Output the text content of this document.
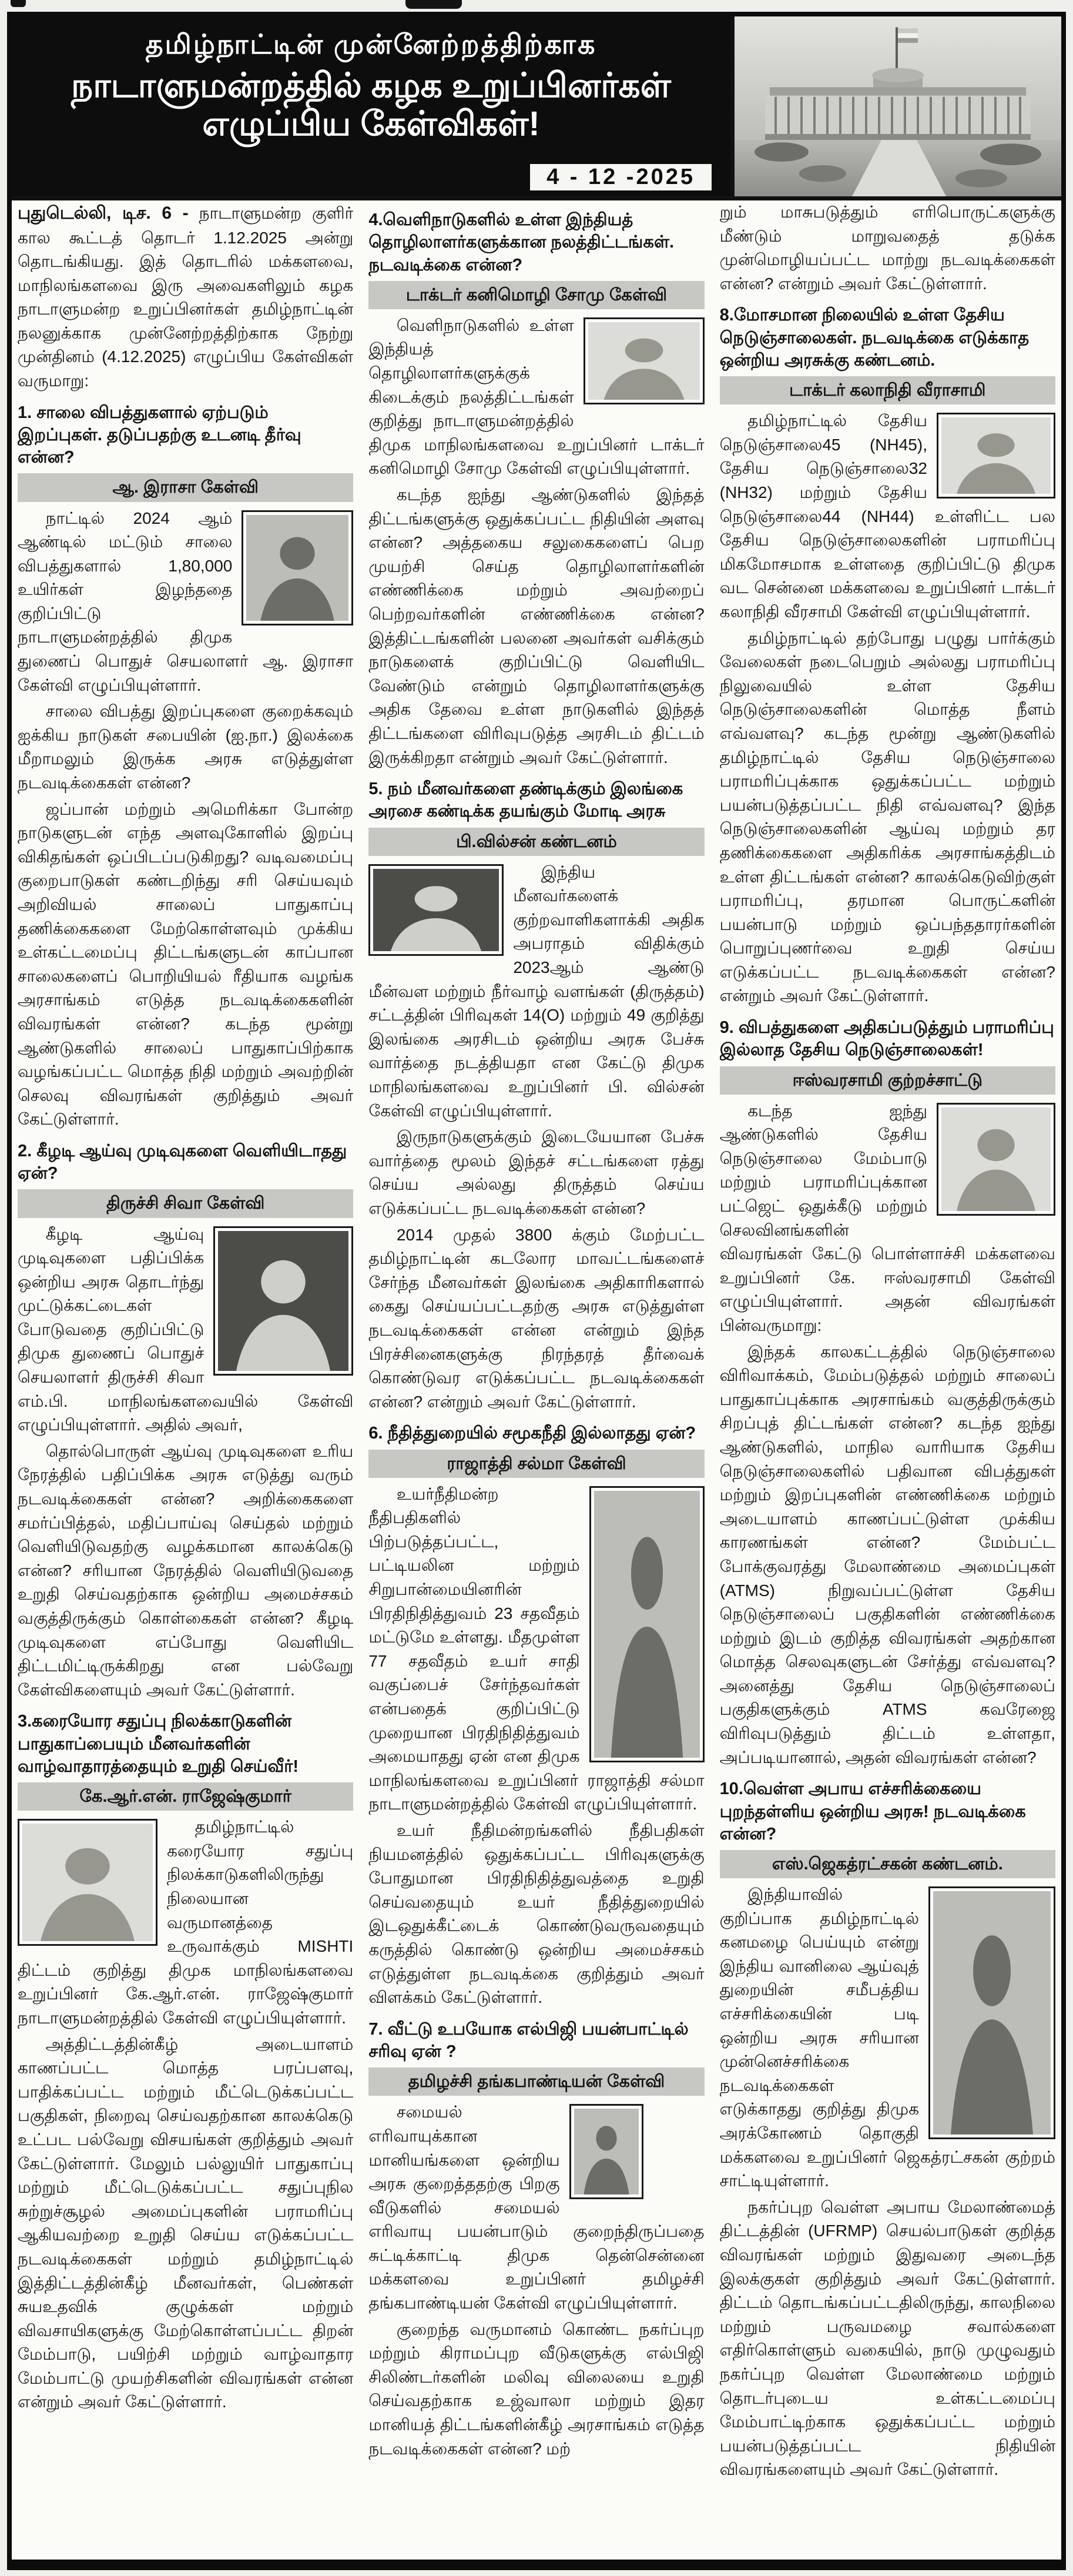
தமிழ்நாட்டின் முன்னேற்றத்திற்காக
நாடாளுமன்றத்தில் கழக உறுப்பினர்கள் எழுப்பிய கேள்விகள்!
4 - 12 -2025

புதுடெல்லி, டிச. 6 - நாடாளுமன்ற குளிர் கால கூட்டத் தொடர் 1.12.2025 அன்று தொடங்கியது. இத் தொடரில் மக்களவை, மாநிலங்களவை இரு அவைகளிலும் கழக நாடாளுமன்ற உறுப்பினர்கள் தமிழ்நாட்டின் நலனுக்காக முன்னேற்றத்திற்காக நேற்று முன்தினம் (4.12.2025) எழுப்பிய கேள்விகள் வருமாறு:

1. சாலை விபத்துகளால் ஏற்படும் இறப்புகள். தடுப்பதற்கு உடனடி தீர்வு என்ன?
ஆ. இராசா கேள்வி

நாட்டில் 2024 ஆம் ஆண்டில் மட்டும் சாலை விபத்துகளால் 1,80,000 உயிர்கள் இழந்ததை குறிப்பிட்டு நாடாளுமன்றத்தில் திமுக துணைப் பொதுச் செயலாளர் ஆ. இராசா கேள்வி எழுப்பியுள்ளார்.

சாலை விபத்து இறப்புகளை குறைக்கவும் ஐக்கிய நாடுகள் சபையின் (ஐ.நா.) இலக்கை மீறாமலும் இருக்க அரசு எடுத்துள்ள நடவடிக்கைகள் என்ன?

ஜப்பான் மற்றும் அமெரிக்கா போன்ற நாடுகளுடன் எந்த அளவுகோளில் இறப்பு விகிதங்கள் ஒப்பிடப்படுகிறது? வடிவமைப்பு குறைபாடுகள் கண்டறிந்து சரி செய்யவும் அறிவியல் சாலைப் பாதுகாப்பு தணிக்கைகளை மேற்கொள்ளவும் முக்கிய உள்கட்டமைப்பு திட்டங்களுடன் காப்பான சாலைகளைப் பொறியியல் ரீதியாக வழங்க அரசாங்கம் எடுத்த நடவடிக்கைகளின் விவரங்கள் என்ன? கடந்த மூன்று ஆண்டுகளில் சாலைப் பாதுகாப்பிற்காக வழங்கப்பட்ட மொத்த நிதி மற்றும் அவற்றின் செலவு விவரங்கள் குறித்தும் அவர் கேட்டுள்ளார்.

2. கீழடி ஆய்வு முடிவுகளை வெளியிடாதது ஏன்?
திருச்சி சிவா கேள்வி

கீழடி ஆய்வு முடிவுகளை பதிப்பிக்க ஒன்றிய அரசு தொடர்ந்து முட்டுக்கட்டைகள் போடுவதை குறிப்பிட்டு திமுக துணைப் பொதுச் செயலாளர் திருச்சி சிவா எம்.பி. மாநிலங்களவையில் கேள்வி எழுப்பியுள்ளார். அதில் அவர்,

தொல்பொருள் ஆய்வு முடிவுகளை உரிய நேரத்தில் பதிப்பிக்க அரசு எடுத்து வரும் நடவடிக்கைகள் என்ன? அறிக்கைகளை சமர்ப்பித்தல், மதிப்பாய்வு செய்தல் மற்றும் வெளியிடுவதற்கு வழக்கமான காலக்கெடு என்ன? சரியான நேரத்தில் வெளியிடுவதை உறுதி செய்வதற்காக ஒன்றிய அமைச்சகம் வகுத்திருக்கும் கொள்கைகள் என்ன? கீழடி முடிவுகளை எப்போது வெளியிட திட்டமிட்டிருக்கிறது என பல்வேறு கேள்விகளையும் அவர் கேட்டுள்ளார்.

3.கரையோர சதுப்பு நிலக்காடுகளின் பாதுகாப்பையும் மீனவர்களின் வாழ்வாதாரத்தையும் உறுதி செய்வீர்!
கே.ஆர்.என். ராஜேஷ்குமார்

தமிழ்நாட்டில் கரையோர சதுப்பு நிலக்காடுகளிலிருந்து நிலையான வருமானத்தை உருவாக்கும் MISHTI திட்டம் குறித்து திமுக மாநிலங்களவை உறுப்பினர் கே.ஆர்.என். ராஜேஷ்குமார் நாடாளுமன்றத்தில் கேள்வி எழுப்பியுள்ளார்.

அத்திட்டத்தின்கீழ் அடையாளம் காணப்பட்ட மொத்த பரப்பளவு, பாதிக்கப்பட்ட மற்றும் மீட்டெடுக்கப்பட்ட பகுதிகள், நிறைவு செய்வதற்கான காலக்கெடு உட்பட பல்வேறு விசயங்கள் குறித்தும் அவர் கேட்டுள்ளார். மேலும் பல்லுயிர் பாதுகாப்பு மற்றும் மீட்டெடுக்கப்பட்ட சதுப்புநில சுற்றுச்சூழல் அமைப்புகளின் பராமரிப்பு ஆகியவற்றை உறுதி செய்ய எடுக்கப்பட்ட நடவடிக்கைகள் மற்றும் தமிழ்நாட்டில் இத்திட்டத்தின்கீழ் மீனவர்கள், பெண்கள் சுயஉதவிக் குழுக்கள் மற்றும் விவசாயிகளுக்கு மேற்கொள்ளப்பட்ட திறன் மேம்பாடு, பயிற்சி மற்றும் வாழ்வாதார மேம்பாட்டு முயற்சிகளின் விவரங்கள் என்ன என்றும் அவர் கேட்டுள்ளார்.

4.வெளிநாடுகளில் உள்ள இந்தியத் தொழிலாளர்களுக்கான நலத்திட்டங்கள். நடவடிக்கை என்ன?
டாக்டர் கனிமொழி சோமு கேள்வி

வெளிநாடுகளில் உள்ள இந்தியத் தொழிலாளர்களுக்குக் கிடைக்கும் நலத்திட்டங்கள் குறித்து நாடாளுமன்றத்தில் திமுக மாநிலங்களவை உறுப்பினர் டாக்டர் கனிமொழி சோமு கேள்வி எழுப்பியுள்ளார்.

கடந்த ஐந்து ஆண்டுகளில் இந்தத் திட்டங்களுக்கு ஒதுக்கப்பட்ட நிதியின் அளவு என்ன? அத்தகைய சலுகைகளைப் பெற முயற்சி செய்த தொழிலாளர்களின் எண்ணிக்கை மற்றும் அவற்றைப் பெற்றவர்களின் எண்ணிக்கை என்ன? இத்திட்டங்களின் பலனை அவர்கள் வசிக்கும் நாடுகளைக் குறிப்பிட்டு வெளியிட வேண்டும் என்றும் தொழிலாளர்களுக்கு அதிக தேவை உள்ள நாடுகளில் இந்தத் திட்டங்களை விரிவுபடுத்த அரசிடம் திட்டம் இருக்கிறதா என்றும் அவர் கேட்டுள்ளார்.

5. நம் மீனவர்களை தண்டிக்கும் இலங்கை அரசை கண்டிக்க தயங்கும் மோடி அரசு
பி.வில்சன் கண்டனம்

இந்திய மீனவர்களைக் குற்றவாளிகளாக்கி அதிக அபராதம் விதிக்கும் 2023ஆம் ஆண்டு மீன்வள மற்றும் நீர்வாழ் வளங்கள் (திருத்தம்) சட்டத்தின் பிரிவுகள் 14(O) மற்றும் 49 குறித்து இலங்கை அரசிடம் ஒன்றிய அரசு பேச்சு வார்த்தை நடத்தியதா என கேட்டு திமுக மாநிலங்களவை உறுப்பினர் பி. வில்சன் கேள்வி எழுப்பியுள்ளார்.

இருநாடுகளுக்கும் இடையேயான பேச்சு வார்த்தை மூலம் இந்தச் சட்டங்களை ரத்து செய்ய அல்லது திருத்தம் செய்ய எடுக்கப்பட்ட நடவடிக்கைகள் என்ன?

2014 முதல் 3800 க்கும் மேற்பட்ட தமிழ்நாட்டின் கடலோர மாவட்டங்களைச் சேர்ந்த மீனவர்கள் இலங்கை அதிகாரிகளால் கைது செய்யப்பட்டதற்கு அரசு எடுத்துள்ள நடவடிக்கைகள் என்ன என்றும் இந்த பிரச்சினைகளுக்கு நிரந்தரத் தீர்வைக் கொண்டுவர எடுக்கப்பட்ட நடவடிக்கைகள் என்ன? என்றும் அவர் கேட்டுள்ளார்.

6. நீதித்துறையில் சமூகநீதி இல்லாதது ஏன்?
ராஜாத்தி சல்மா கேள்வி

உயர்நீதிமன்ற நீதிபதிகளில் பிற்படுத்தப்பட்ட, பட்டியலின மற்றும் சிறுபான்மையினரின் பிரதிநிதித்துவம் 23 சதவீதம் மட்டுமே உள்ளது. மீதமுள்ள 77 சதவீதம் உயர் சாதி வகுப்பைச் சேர்ந்தவர்கள் என்பதைக் குறிப்பிட்டு முறையான பிரதிநிதித்துவம் அமையாதது ஏன் என திமுக மாநிலங்களவை உறுப்பினர் ராஜாத்தி சல்மா நாடாளுமன்றத்தில் கேள்வி எழுப்பியுள்ளார்.

உயர் நீதிமன்றங்களில் நீதிபதிகள் நியமனத்தில் ஒதுக்கப்பட்ட பிரிவுகளுக்கு போதுமான பிரதிநிதித்துவத்தை உறுதி செய்வதையும் உயர் நீதித்துறையில் இடஒதுக்கீட்டைக் கொண்டுவருவதையும் கருத்தில் கொண்டு ஒன்றிய அமைச்சகம் எடுத்துள்ள நடவடிக்கை குறித்தும் அவர் விளக்கம் கேட்டுள்ளார்.

7. வீட்டு உபயோக எல்பிஜி பயன்பாட்டில் சரிவு ஏன் ?
தமிழச்சி தங்கபாண்டியன் கேள்வி

சமையல் எரிவாயுக்கான மானியங்களை ஒன்றிய அரசு குறைத்ததற்கு பிறகு வீடுகளில் சமையல் எரிவாயு பயன்பாடும் குறைந்திருப்பதை சுட்டிக்காட்டி திமுக தென்சென்னை மக்களவை உறுப்பினர் தமிழச்சி தங்கபாண்டியன் கேள்வி எழுப்பியுள்ளார்.

குறைந்த வருமானம் கொண்ட நகர்ப்புற மற்றும் கிராமப்புற வீடுகளுக்கு எல்பிஜி சிலிண்டர்களின் மலிவு விலையை உறுதி செய்வதற்காக உஜ்வாலா மற்றும் இதர மானியத் திட்டங்களின்கீழ் அரசாங்கம் எடுத்த நடவடிக்கைகள் என்ன? மற்

றும் மாசுபடுத்தும் எரிபொருட்களுக்கு மீண்டும் மாறுவதைத் தடுக்க முன்மொழியப்பட்ட மாற்று நடவடிக்கைகள் என்ன? என்றும் அவர் கேட்டுள்ளார்.

8.மோசமான நிலையில் உள்ள தேசிய நெடுஞ்சாலைகள். நடவடிக்கை எடுக்காத ஒன்றிய அரசுக்கு கண்டனம்.
டாக்டர் கலாநிதி வீராசாமி

தமிழ்நாட்டில் தேசிய நெடுஞ்சாலை45 (NH45), தேசிய நெடுஞ்சாலை32 (NH32) மற்றும் தேசிய நெடுஞ்சாலை44 (NH44) உள்ளிட்ட பல தேசிய நெடுஞ்சாலைகளின் பராமரிப்பு மிகமோசமாக உள்ளதை குறிப்பிட்டு திமுக வட சென்னை மக்களவை உறுப்பினர் டாக்டர் கலாநிதி வீரசாமி கேள்வி எழுப்பியுள்ளார்.

தமிழ்நாட்டில் தற்போது பழுது பார்க்கும் வேலைகள் நடைபெறும் அல்லது பராமரிப்பு நிலுவையில் உள்ள தேசிய நெடுஞ்சாலைகளின் மொத்த நீளம் எவ்வளவு? கடந்த மூன்று ஆண்டுகளில் தமிழ்நாட்டில் தேசிய நெடுஞ்சாலை பராமரிப்புக்காக ஒதுக்கப்பட்ட மற்றும் பயன்படுத்தப்பட்ட நிதி எவ்வளவு? இந்த நெடுஞ்சாலைகளின் ஆய்வு மற்றும் தர தணிக்கைகளை அதிகரிக்க அரசாங்கத்திடம் உள்ள திட்டங்கள் என்ன? காலக்கெடுவிற்குள் பராமரிப்பு, தரமான பொருட்களின் பயன்பாடு மற்றும் ஒப்பந்ததாரர்களின் பொறுப்புணர்வை உறுதி செய்ய எடுக்கப்பட்ட நடவடிக்கைகள் என்ன? என்றும் அவர் கேட்டுள்ளார்.

9. விபத்துகளை அதிகப்படுத்தும் பராமரிப்பு இல்லாத தேசிய நெடுஞ்சாலைகள்!
ஈஸ்வரசாமி குற்றச்சாட்டு

கடந்த ஐந்து ஆண்டுகளில் தேசிய நெடுஞ்சாலை மேம்பாடு மற்றும் பராமரிப்புக்கான பட்ஜெட் ஒதுக்கீடு மற்றும் செலவினங்களின் விவரங்கள் கேட்டு பொள்ளாச்சி மக்களவை உறுப்பினர் கே. ஈஸ்வரசாமி கேள்வி எழுப்பியுள்ளார். அதன் விவரங்கள் பின்வருமாறு:

இந்தக் காலகட்டத்தில் நெடுஞ்சாலை விரிவாக்கம், மேம்படுத்தல் மற்றும் சாலைப் பாதுகாப்புக்காக அரசாங்கம் வகுத்திருக்கும் சிறப்புத் திட்டங்கள் என்ன? கடந்த ஐந்து ஆண்டுகளில், மாநில வாரியாக தேசிய நெடுஞ்சாலைகளில் பதிவான விபத்துகள் மற்றும் இறப்புகளின் எண்ணிக்கை மற்றும் அடையாளம் காணப்பட்டுள்ள முக்கிய காரணங்கள் என்ன? மேம்பட்ட போக்குவரத்து மேலாண்மை அமைப்புகள் (ATMS) நிறுவப்பட்டுள்ள தேசிய நெடுஞ்சாலைப் பகுதிகளின் எண்ணிக்கை மற்றும் இடம் குறித்த விவரங்கள் அதற்கான மொத்த செலவுகளுடன் சேர்த்து எவ்வளவு? அனைத்து தேசிய நெடுஞ்சாலைப் பகுதிகளுக்கும் ATMS கவரேஜை விரிவுபடுத்தும் திட்டம் உள்ளதா, அப்படியானால், அதன் விவரங்கள் என்ன?

10.வெள்ள அபாய எச்சரிக்கையை புறந்தள்ளிய ஒன்றிய அரசு! நடவடிக்கை என்ன?
எஸ்.ஜெகத்ரட்சகன் கண்டனம்.

இந்தியாவில் குறிப்பாக தமிழ்நாட்டில் கனமழை பெய்யும் என்று இந்திய வானிலை ஆய்வுத் துறையின் சமீபத்திய எச்சரிக்கையின் படி ஒன்றிய அரசு சரியான முன்னெச்சரிக்கை நடவடிக்கைகள் எடுக்காதது குறித்து திமுக அரக்கோணம் தொகுதி மக்களவை உறுப்பினர் ஜெகத்ரட்சகன் குற்றம் சாட்டியுள்ளார்.

நகர்ப்புற வெள்ள அபாய மேலாண்மைத் திட்டத்தின் (UFRMP) செயல்பாடுகள் குறித்த விவரங்கள் மற்றும் இதுவரை அடைந்த இலக்குகள் குறித்தும் அவர் கேட்டுள்ளார். திட்டம் தொடங்கப்பட்டதிலிருந்து, காலநிலை மற்றும் பருவமழை சவால்களை எதிர்கொள்ளும் வகையில், நாடு முழுவதும் நகர்ப்புற வெள்ள மேலாண்மை மற்றும் தொடர்புடைய உள்கட்டமைப்பு மேம்பாட்டிற்காக ஒதுக்கப்பட்ட மற்றும் பயன்படுத்தப்பட்ட நிதியின் விவரங்களையும் அவர் கேட்டுள்ளார்.
